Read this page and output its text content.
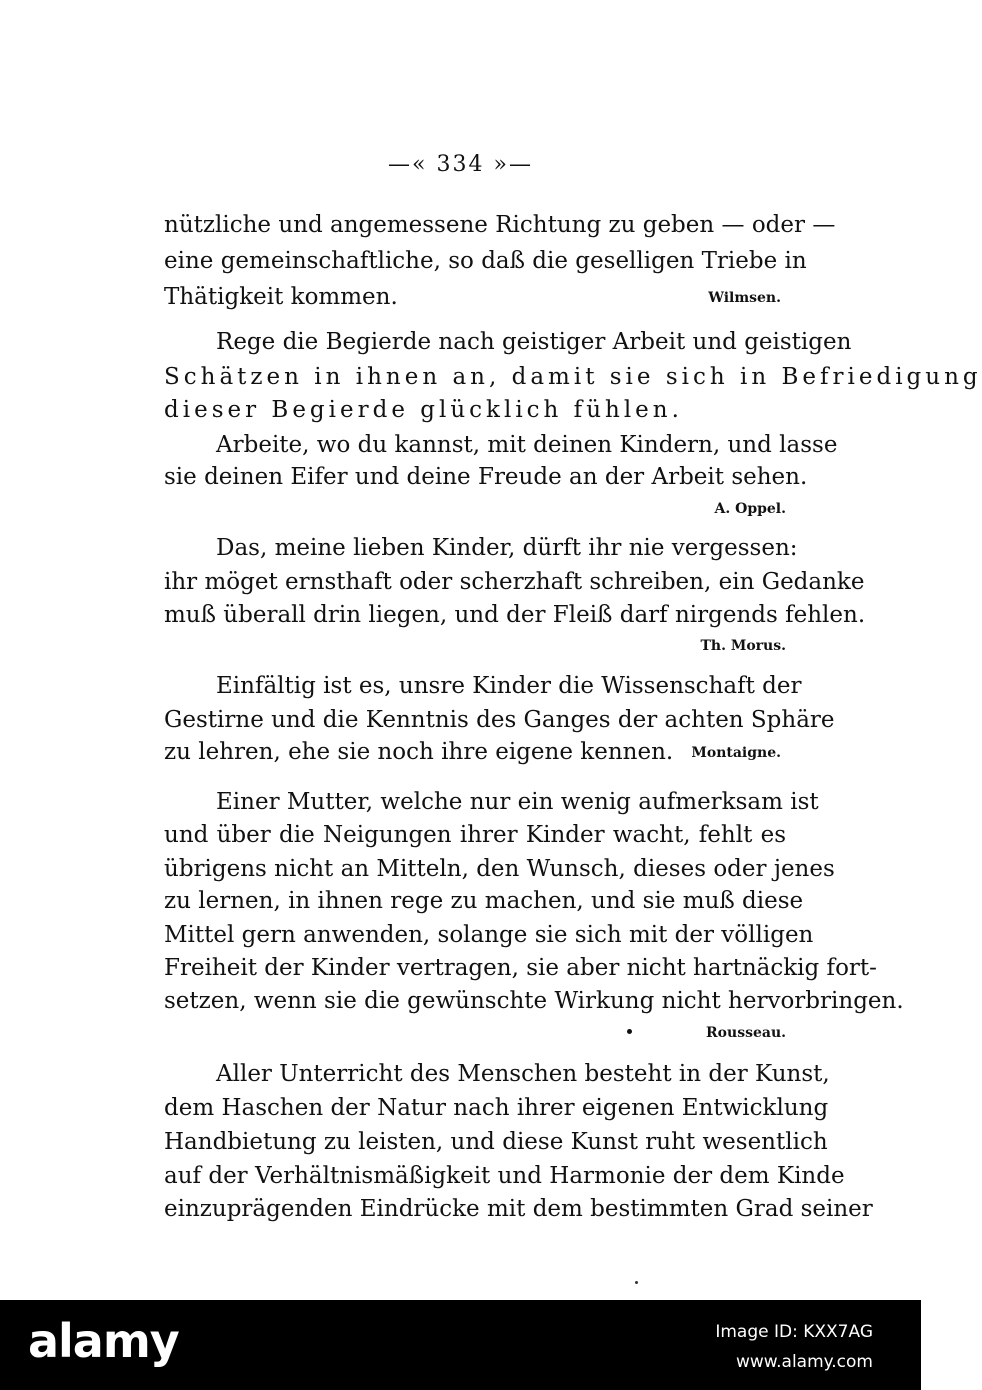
—« 334 »—
nützliche und angemessene Richtung zu geben — oder —
eine gemeinschaftliche, so daß die geselligen Triebe in
Thätigkeit kommen.	Wilmsen.
Rege die Begierde nach geistiger Arbeit und geistigen
Schätzen in ihnen an, damit sie sich in Befriedigung
dieser Begierde glücklich fühlen.
Arbeite, wo du kannst, mit deinen Kindern, und lasse
sie deinen Eifer und deine Freude an der Arbeit sehen.
A. Oppel.
Das, meine lieben Kinder, dürft ihr nie vergessen:
ihr möget ernsthaft oder scherzhaft schreiben, ein Gedanke
muß überall drin liegen, und der Fleiß darf nirgends fehlen.
Th. Morus.
Einfältig ist es, unsre Kinder die Wissenschaft der
Gestirne und die Kenntnis des Ganges der achten Sphäre
zu lehren, ehe sie noch ihre eigene kennen.	Montaigne.
Einer Mutter, welche nur ein wenig aufmerksam ist
und über die Neigungen ihrer Kinder wacht, fehlt es
übrigens nicht an Mitteln, den Wunsch, dieses oder jenes
zu lernen, in ihnen rege zu machen, und sie muß diese
Mittel gern anwenden, solange sie sich mit der völligen
Freiheit der Kinder vertragen, sie aber nicht hartnäckig fort-
setzen, wenn sie die gewünschte Wirkung nicht hervorbringen.
Rousseau.
Aller Unterricht des Menschen besteht in der Kunst,
dem Haschen der Natur nach ihrer eigenen Entwicklung
Handbietung zu leisten, und diese Kunst ruht wesentlich
auf der Verhältnismäßigkeit und Harmonie der dem Kinde
einzuprägenden Eindrücke mit dem bestimmten Grad seiner
alamy	Image ID: KXX7AG
www.alamy.com
